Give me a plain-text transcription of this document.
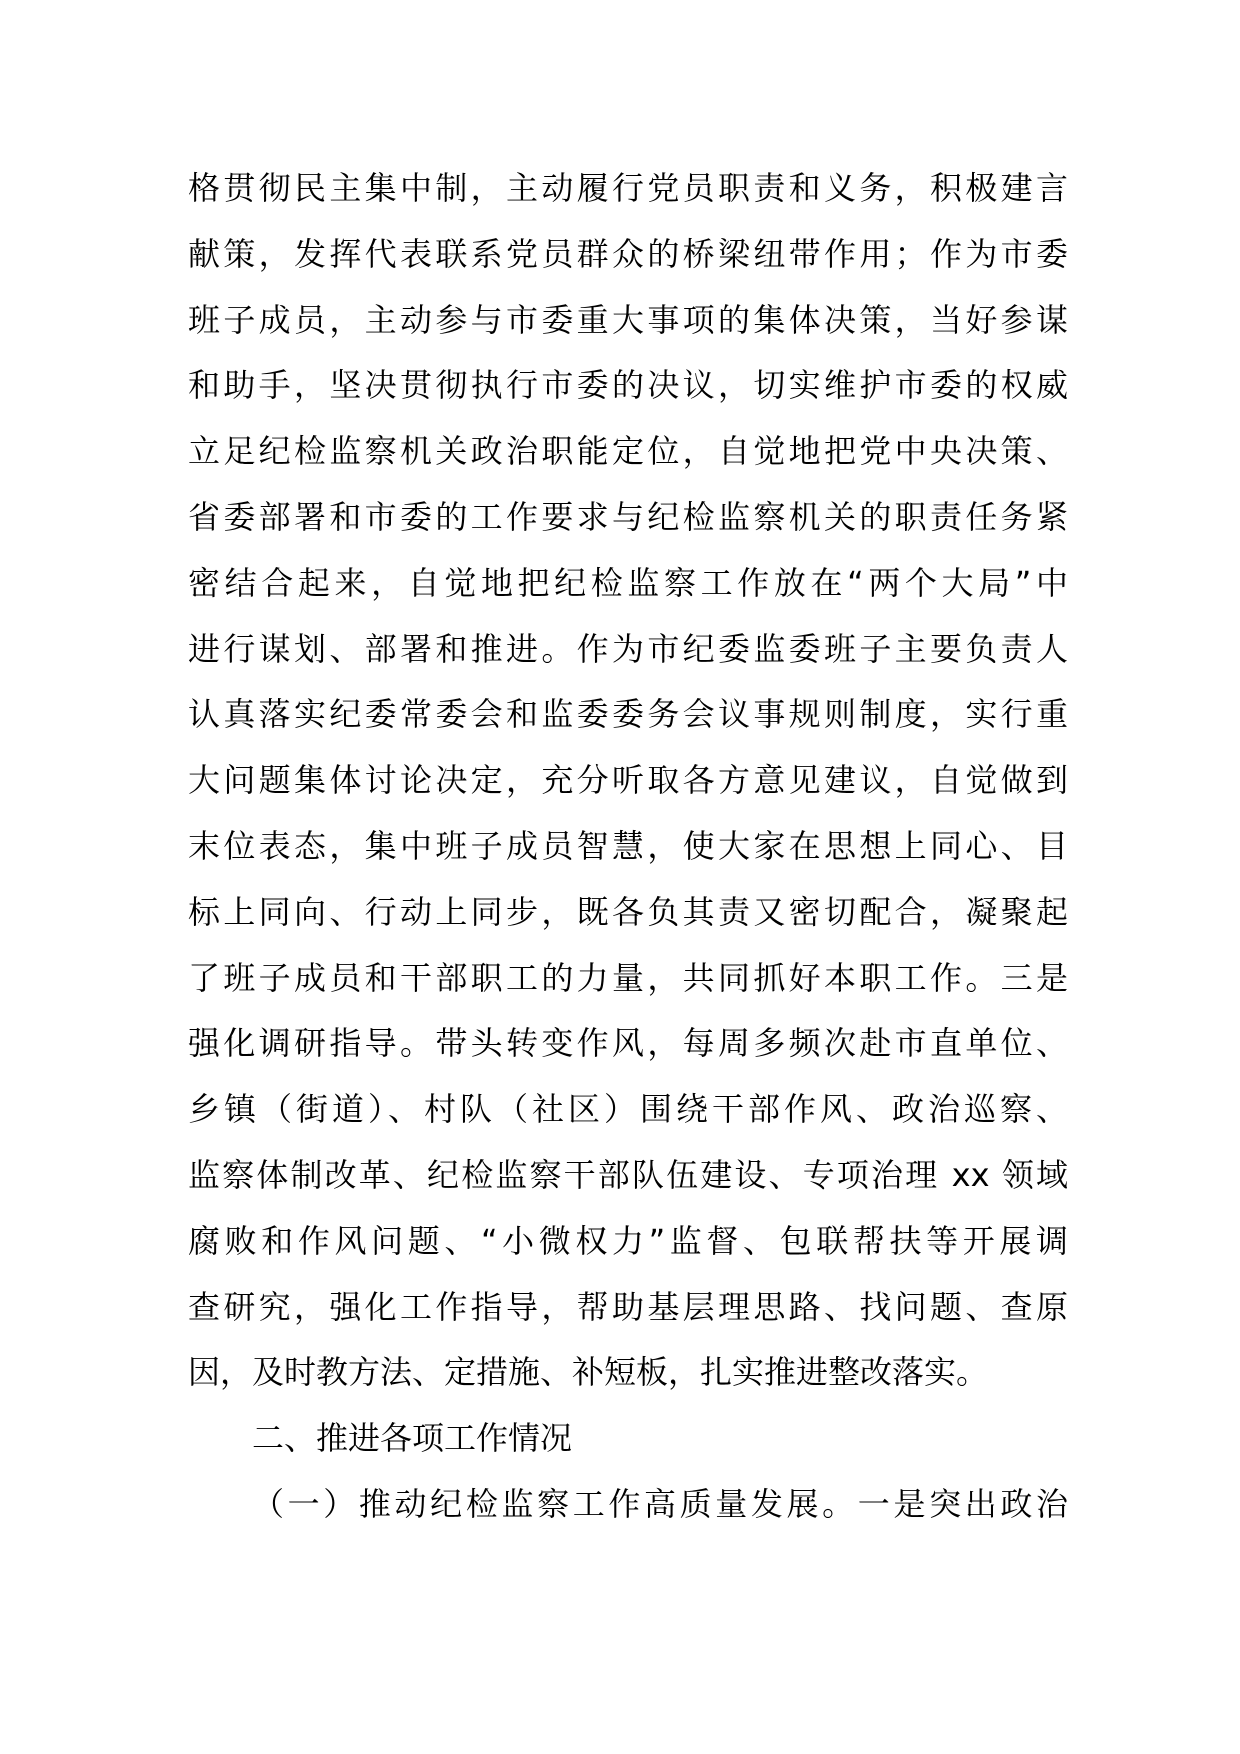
格贯彻民主集中制，主动履行党员职责和义务，积极建言
献策，发挥代表联系党员群众的桥梁纽带作用；作为市委
班子成员，主动参与市委重大事项的集体决策，当好参谋
和助手，坚决贯彻执行市委的决议，切实维护市委的权威
立足纪检监察机关政治职能定位，自觉地把党中央决策、
省委部署和市委的工作要求与纪检监察机关的职责任务紧
密结合起来，自觉地把纪检监察工作放在“两个大局”中
进行谋划、部署和推进。作为市纪委监委班子主要负责人
认真落实纪委常委会和监委委务会议事规则制度，实行重
大问题集体讨论决定，充分听取各方意见建议，自觉做到
末位表态，集中班子成员智慧，使大家在思想上同心、目
标上同向、行动上同步，既各负其责又密切配合，凝聚起
了班子成员和干部职工的力量，共同抓好本职工作。三是
强化调研指导。带头转变作风，每周多频次赴市直单位、
乡镇（街道）、村队（社区）围绕干部作风、政治巡察、
监察体制改革、纪检监察干部队伍建设、专项治理 xx 领域
腐败和作风问题、“小微权力”监督、包联帮扶等开展调
查研究，强化工作指导，帮助基层理思路、找问题、查原
因，及时教方法、定措施、补短板，扎实推进整改落实。
二、推进各项工作情况
（一）推动纪检监察工作高质量发展。一是突出政治
